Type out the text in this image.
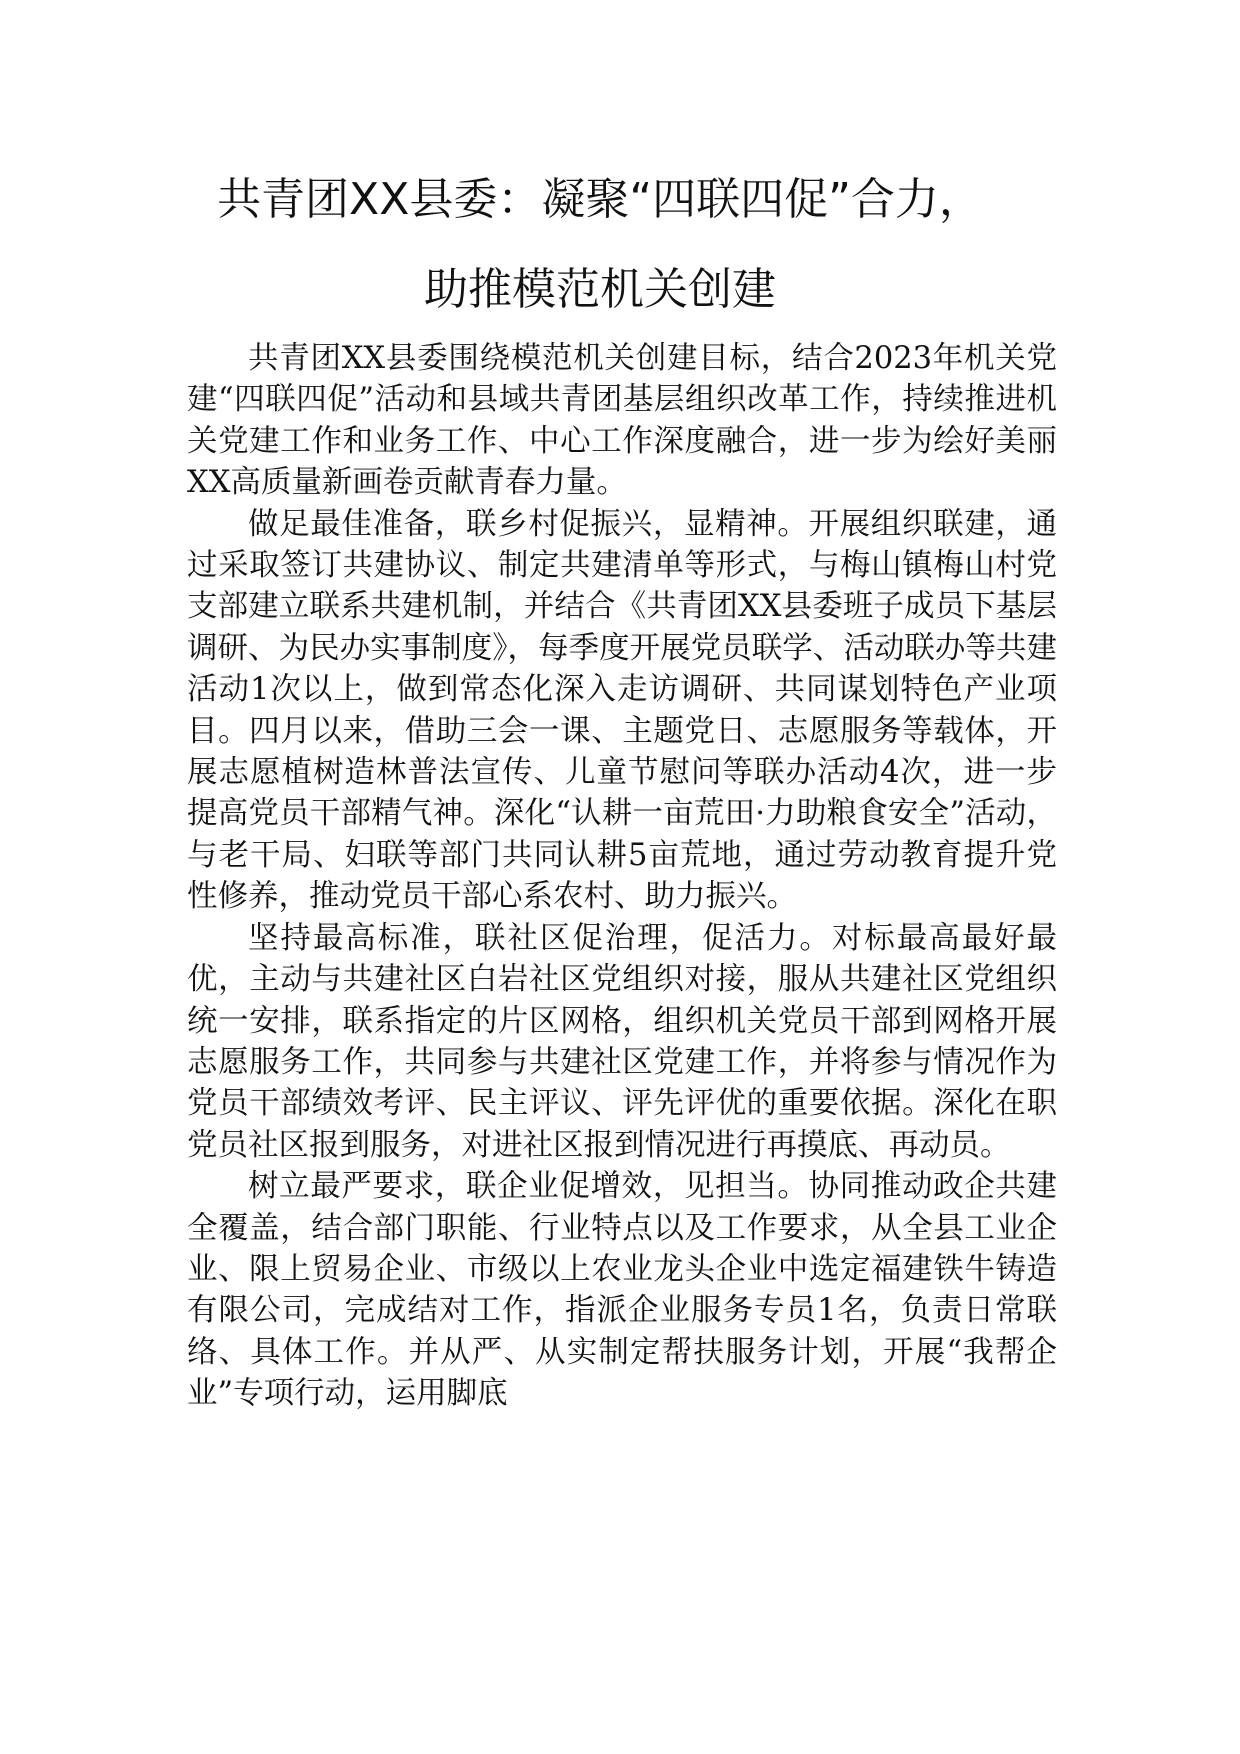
共青团XX县委：凝聚“四联四促”合力，
助推模范机关创建

共青团XX县委围绕模范机关创建目标，结合2023年机关党建“四联四促”活动和县域共青团基层组织改革工作，持续推进机关党建工作和业务工作、中心工作深度融合，进一步为绘好美丽XX高质量新画卷贡献青春力量。

做足最佳准备，联乡村促振兴，显精神。开展组织联建，通过采取签订共建协议、制定共建清单等形式，与梅山镇梅山村党支部建立联系共建机制，并结合《共青团XX县委班子成员下基层调研、为民办实事制度》，每季度开展党员联学、活动联办等共建活动1次以上，做到常态化深入走访调研、共同谋划特色产业项目。四月以来，借助三会一课、主题党日、志愿服务等载体，开展志愿植树造林普法宣传、儿童节慰问等联办活动4次，进一步提高党员干部精气神。深化“认耕一亩荒田·力助粮食安全”活动，与老干局、妇联等部门共同认耕5亩荒地，通过劳动教育提升党性修养，推动党员干部心系农村、助力振兴。

坚持最高标准，联社区促治理，促活力。对标最高最好最优，主动与共建社区白岩社区党组织对接，服从共建社区党组织统一安排，联系指定的片区网格，组织机关党员干部到网格开展志愿服务工作，共同参与共建社区党建工作，并将参与情况作为党员干部绩效考评、民主评议、评先评优的重要依据。深化在职党员社区报到服务，对进社区报到情况进行再摸底、再动员。

树立最严要求，联企业促增效，见担当。协同推动政企共建全覆盖，结合部门职能、行业特点以及工作要求，从全县工业企业、限上贸易企业、市级以上农业龙头企业中选定福建铁牛铸造有限公司，完成结对工作，指派企业服务专员1名，负责日常联络、具体工作。并从严、从实制定帮扶服务计划，开展“我帮企业”专项行动，运用脚底
